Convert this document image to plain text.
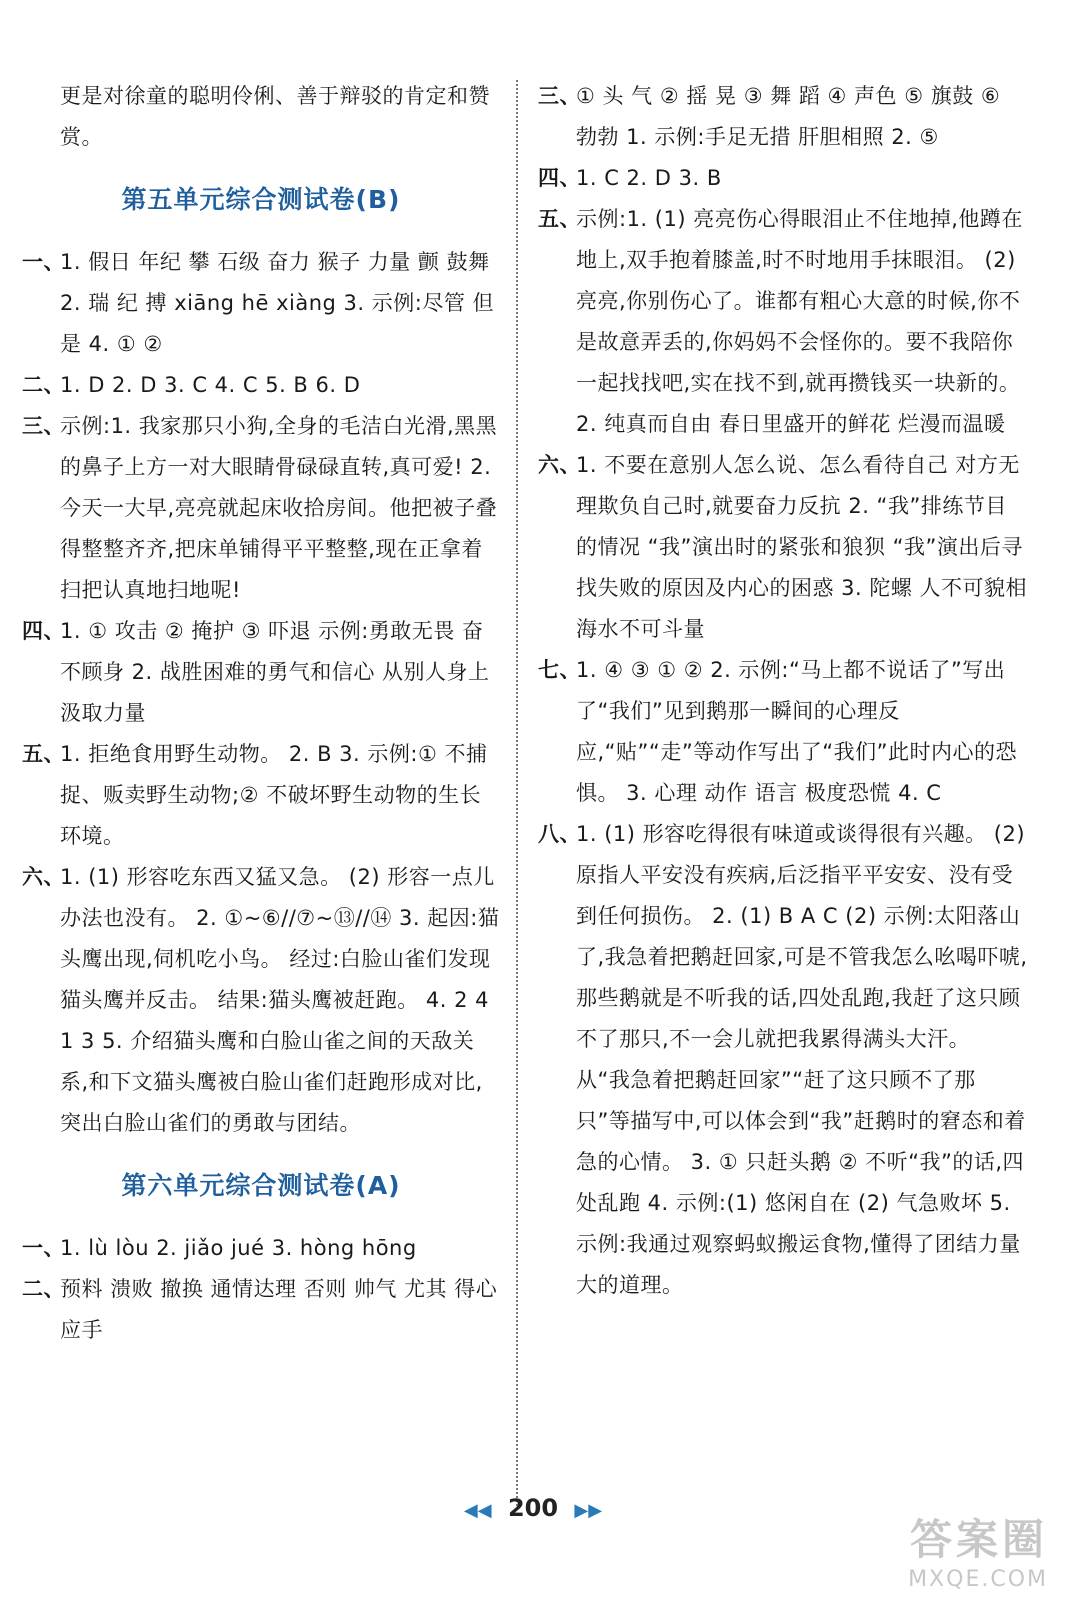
更是对徐童的聪明伶俐、善于辩驳的肯定和赞赏。
第五单元综合测试卷(B)
一、
1. 假日 年纪 攀 石级 奋力 猴子 力量 颤 鼓舞 2. 瑞 纪 搏 xiāng hē xiàng 3. 示例:尽管 但是 4. ① ②
二、
1. D 2. D 3. C 4. C 5. B 6. D
三、
示例:1. 我家那只小狗,全身的毛洁白光滑,黑黑的鼻子上方一对大眼睛骨碌碌直转,真可爱! 2. 今天一大早,亮亮就起床收拾房间。他把被子叠得整整齐齐,把床单铺得平平整整,现在正拿着扫把认真地扫地呢!
四、
1. ① 攻击 ② 掩护 ③ 吓退 示例:勇敢无畏 奋不顾身 2. 战胜困难的勇气和信心 从别人身上汲取力量
五、
1. 拒绝食用野生动物。 2. B 3. 示例:① 不捕捉、贩卖野生动物;② 不破坏野生动物的生长环境。
六、
1. (1) 形容吃东西又猛又急。 (2) 形容一点儿办法也没有。 2. ①~⑥//⑦~⑬//⑭ 3. 起因:猫头鹰出现,伺机吃小鸟。 经过:白脸山雀们发现猫头鹰并反击。 结果:猫头鹰被赶跑。 4. 2 4 1 3 5. 介绍猫头鹰和白脸山雀之间的天敌关系,和下文猫头鹰被白脸山雀们赶跑形成对比,突出白脸山雀们的勇敢与团结。
第六单元综合测试卷(A)
一、
1. lù lòu 2. jiǎo jué 3. hòng hōng
二、
预料 溃败 撤换 通情达理 否则 帅气 尤其 得心应手
三、
① 头 气 ② 摇 晃 ③ 舞 蹈 ④ 声色 ⑤ 旗鼓 ⑥ 勃勃 1. 示例:手足无措 肝胆相照 2. ⑤
四、
1. C 2. D 3. B
五、
示例:1. (1) 亮亮伤心得眼泪止不住地掉,他蹲在地上,双手抱着膝盖,时不时地用手抹眼泪。 (2) 亮亮,你别伤心了。谁都有粗心大意的时候,你不是故意弄丢的,你妈妈不会怪你的。要不我陪你一起找找吧,实在找不到,就再攒钱买一块新的。 2. 纯真而自由 春日里盛开的鲜花 烂漫而温暖
六、
1. 不要在意别人怎么说、怎么看待自己 对方无理欺负自己时,就要奋力反抗 2. “我”排练节目的情况 “我”演出时的紧张和狼狈 “我”演出后寻找失败的原因及内心的困惑 3. 陀螺 人不可貌相 海水不可斗量
七、
1. ④ ③ ① ② 2. 示例:“马上都不说话了”写出了“我们”见到鹅那一瞬间的心理反应,“贴”“走”等动作写出了“我们”此时内心的恐惧。 3. 心理 动作 语言 极度恐慌 4. C
八、
1. (1) 形容吃得很有味道或谈得很有兴趣。 (2) 原指人平安没有疾病,后泛指平平安安、没有受到任何损伤。 2. (1) B A C (2) 示例:太阳落山了,我急着把鹅赶回家,可是不管我怎么吆喝吓唬,那些鹅就是不听我的话,四处乱跑,我赶了这只顾不了那只,不一会儿就把我累得满头大汗。 从“我急着把鹅赶回家”“赶了这只顾不了那只”等描写中,可以体会到“我”赶鹅时的窘态和着急的心情。 3. ① 只赶头鹅 ② 不听“我”的话,四处乱跑 4. 示例:(1) 悠闲自在 (2) 气急败坏 5. 示例:我通过观察蚂蚁搬运食物,懂得了团结力量大的道理。
◀◀ 200 ▶▶
答案圈
MXQE.COM
